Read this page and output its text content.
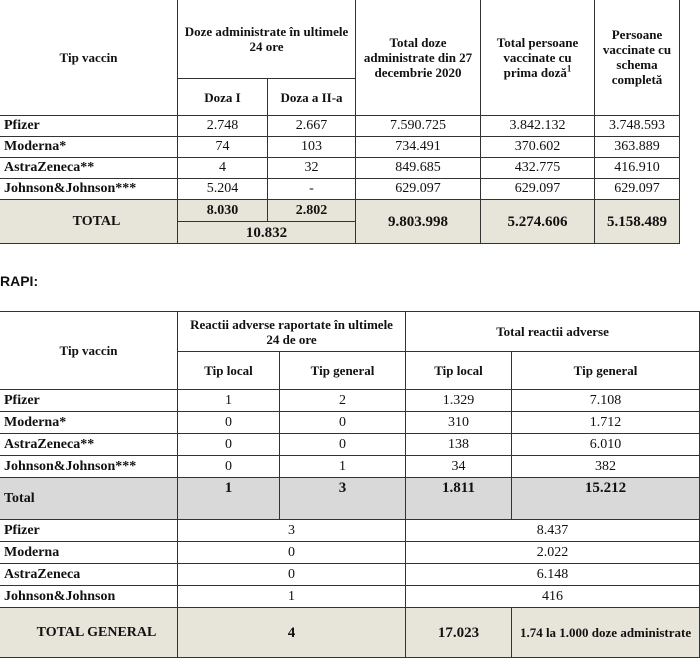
Tip vaccin	Doze administrate în ultimele 24 ore		Total doze administrate din 27 decembrie 2020	Total persoane vaccinate cu prima doză$^1$	Persoane vaccinate cu schema completă
	Doza I	Doza a II-a			
Pfizer	2.748	2.667	7.590.725	3.842.132	3.748.593
Moderna*	74	103	734.491	370.602	363.889
AstraZeneca**	4	32	849.685	432.775	416.910
Johnson&Johnson***	5.204	-	629.097	629.097	629.097
TOTAL	8.030	2.802	9.803.998	5.274.606	5.158.489
	10.832				
RAPI:
Tip vaccin	Reactii adverse raportate în ultimele 24 de ore		Total reactii adverse	
	Tip local	Tip general	Tip local	Tip general
Pfizer	1	2	1.329	7.108
Moderna*	0	0	310	1.712
AstraZeneca**	0	0	138	6.010
Johnson&Johnson***	0	1	34	382
Total	1	3	1.811	15.212
Pfizer	3		8.437	
Moderna	0		2.022	
AstraZeneca	0		6.148	
Johnson&Johnson	1		416	
TOTAL GENERAL	4		17.023	1.74 la 1.000 doze administrate
